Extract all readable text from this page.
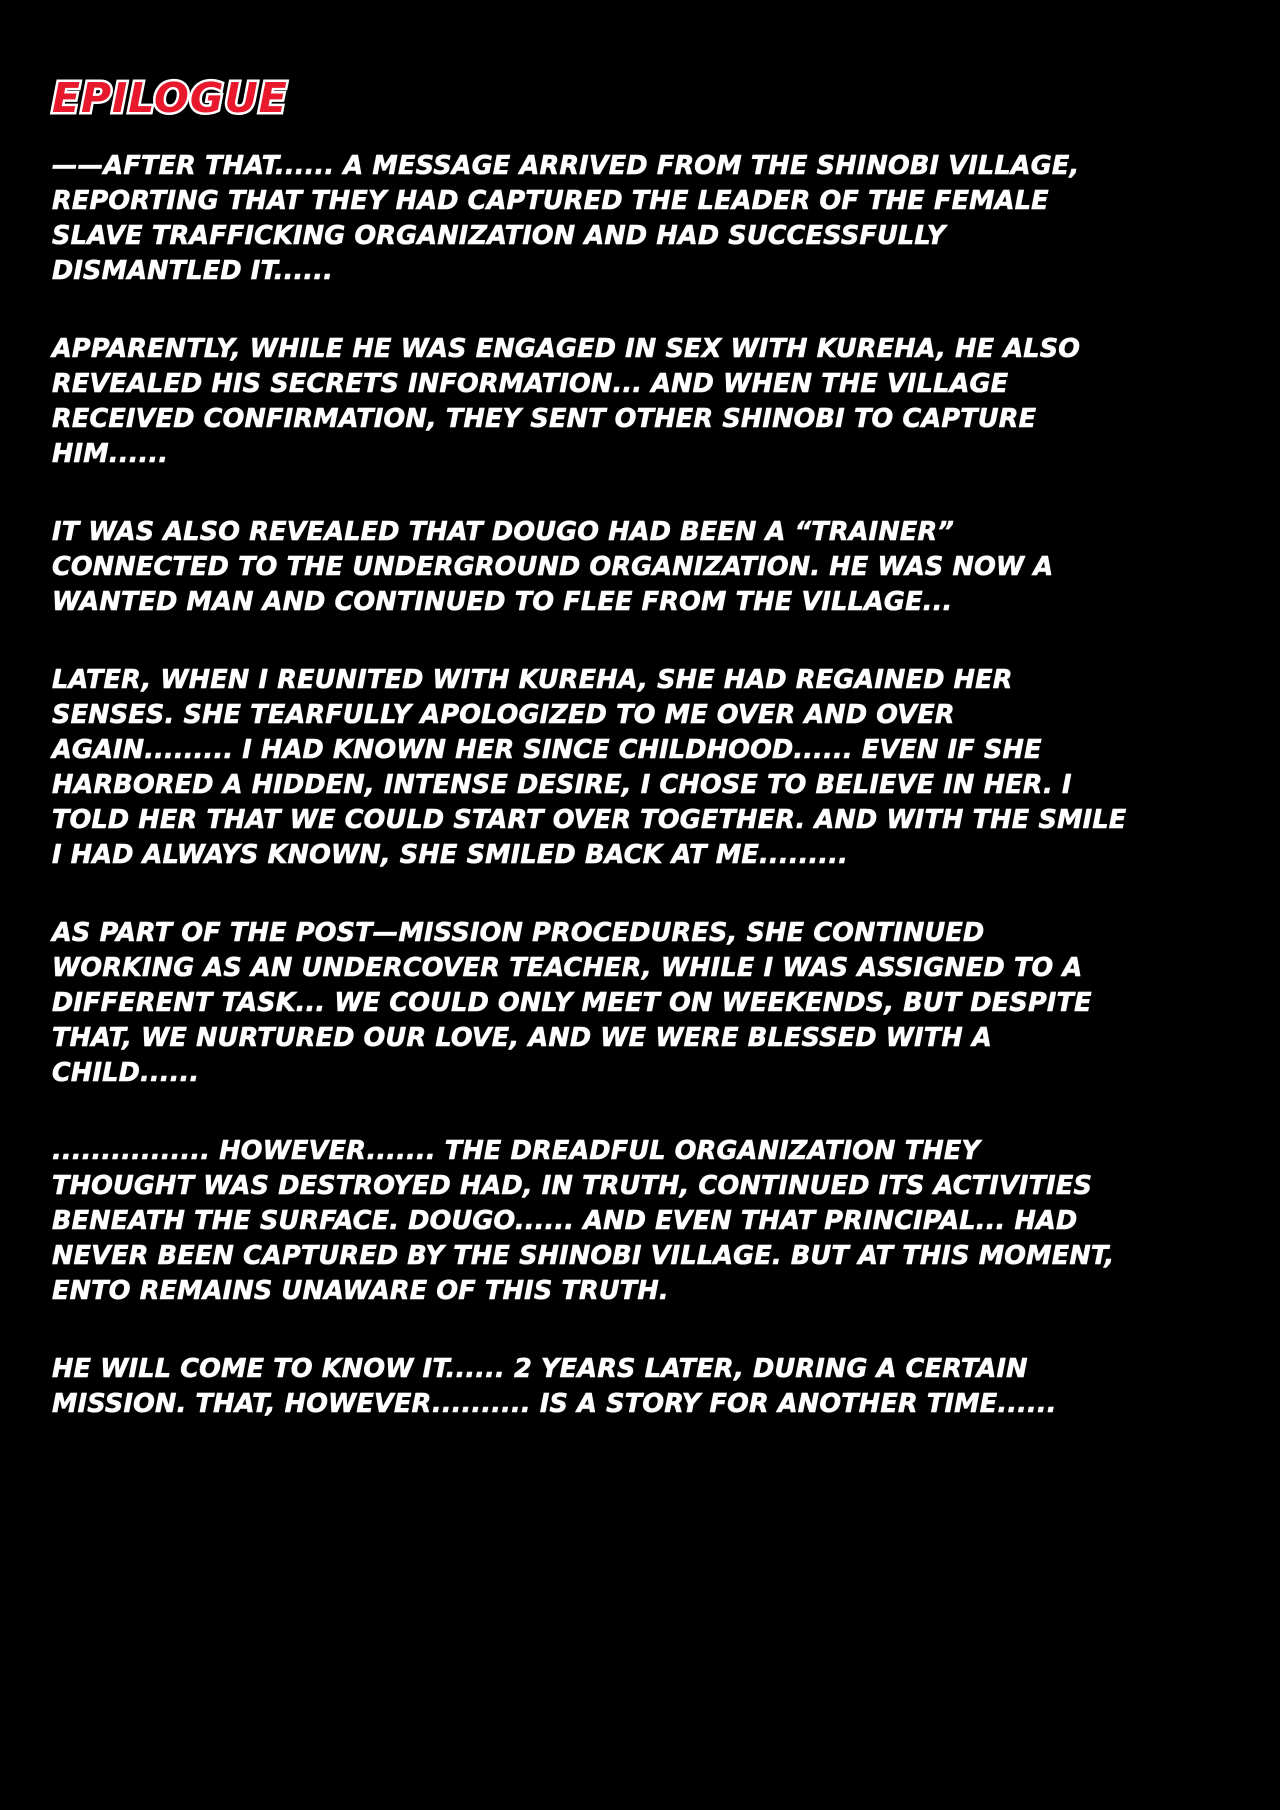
EPILOGUE

——AFTER THAT...... A MESSAGE ARRIVED FROM THE SHINOBI VILLAGE, REPORTING THAT THEY HAD CAPTURED THE LEADER OF THE FEMALE SLAVE TRAFFICKING ORGANIZATION AND HAD SUCCESSFULLY DISMANTLED IT......

APPARENTLY, WHILE HE WAS ENGAGED IN SEX WITH KUREHA, HE ALSO REVEALED HIS SECRETS INFORMATION... AND WHEN THE VILLAGE RECEIVED CONFIRMATION, THEY SENT OTHER SHINOBI TO CAPTURE HIM......

IT WAS ALSO REVEALED THAT DOUGO HAD BEEN A “TRAINER” CONNECTED TO THE UNDERGROUND ORGANIZATION. HE WAS NOW A WANTED MAN AND CONTINUED TO FLEE FROM THE VILLAGE...

LATER, WHEN I REUNITED WITH KUREHA, SHE HAD REGAINED HER SENSES. SHE TEARFULLY APOLOGIZED TO ME OVER AND OVER AGAIN......... I HAD KNOWN HER SINCE CHILDHOOD...... EVEN IF SHE HARBORED A HIDDEN, INTENSE DESIRE, I CHOSE TO BELIEVE IN HER. I TOLD HER THAT WE COULD START OVER TOGETHER. AND WITH THE SMILE I HAD ALWAYS KNOWN, SHE SMILED BACK AT ME.........

AS PART OF THE POST—MISSION PROCEDURES, SHE CONTINUED WORKING AS AN UNDERCOVER TEACHER, WHILE I WAS ASSIGNED TO A DIFFERENT TASK... WE COULD ONLY MEET ON WEEKENDS, BUT DESPITE THAT, WE NURTURED OUR LOVE, AND WE WERE BLESSED WITH A CHILD......

................ HOWEVER....... THE DREADFUL ORGANIZATION THEY THOUGHT WAS DESTROYED HAD, IN TRUTH, CONTINUED ITS ACTIVITIES BENEATH THE SURFACE. DOUGO...... AND EVEN THAT PRINCIPAL... HAD NEVER BEEN CAPTURED BY THE SHINOBI VILLAGE. BUT AT THIS MOMENT, ENTO REMAINS UNAWARE OF THIS TRUTH.

HE WILL COME TO KNOW IT...... 2 YEARS LATER, DURING A CERTAIN MISSION. THAT, HOWEVER.......... IS A STORY FOR ANOTHER TIME......
